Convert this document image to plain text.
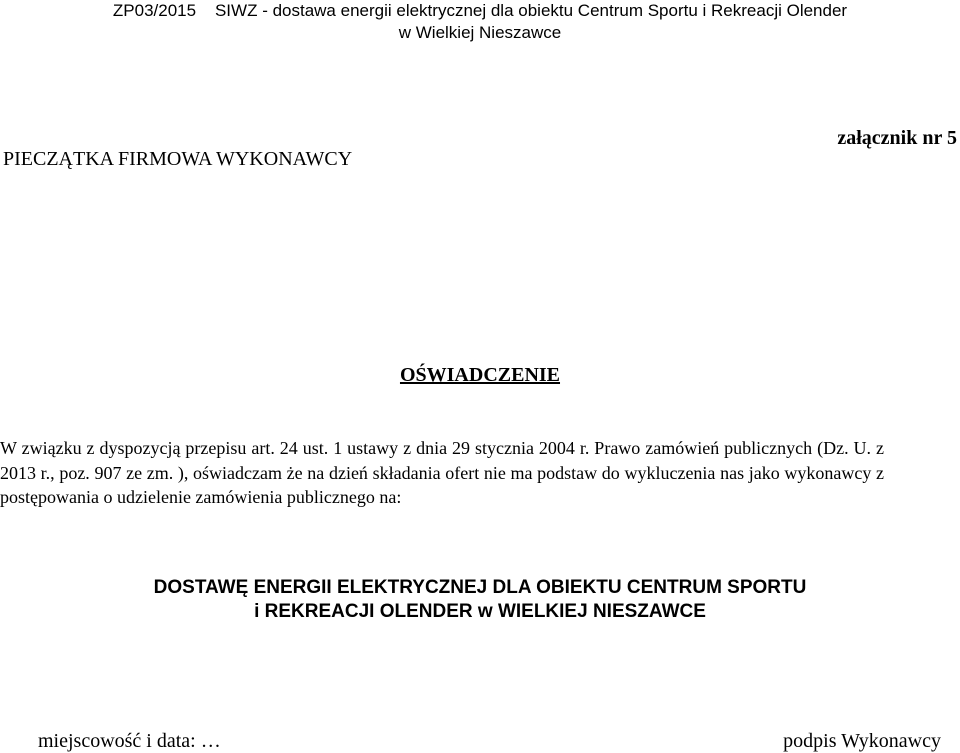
ZP03/2015    SIWZ - dostawa energii elektrycznej dla obiektu Centrum Sportu i Rekreacji Olender
w Wielkiej Nieszawce
PIECZĄTKA FIRMOWA WYKONAWCY
załącznik nr 5
OŚWIADCZENIE
W związku z dyspozycją przepisu art. 24 ust. 1 ustawy z dnia 29 stycznia 2004 r. Prawo zamówień publicznych (Dz. U. z 2013 r., poz. 907 ze zm. ), oświadczam że na dzień składania ofert nie ma podstaw do wykluczenia nas jako wykonawcy z postępowania o udzielenie zamówienia publicznego na:
DOSTAWĘ ENERGII ELEKTRYCZNEJ DLA OBIEKTU CENTRUM SPORTU
i REKREACJI OLENDER w WIELKIEJ NIESZAWCE
miejscowość i data: …	podpis Wykonawcy
